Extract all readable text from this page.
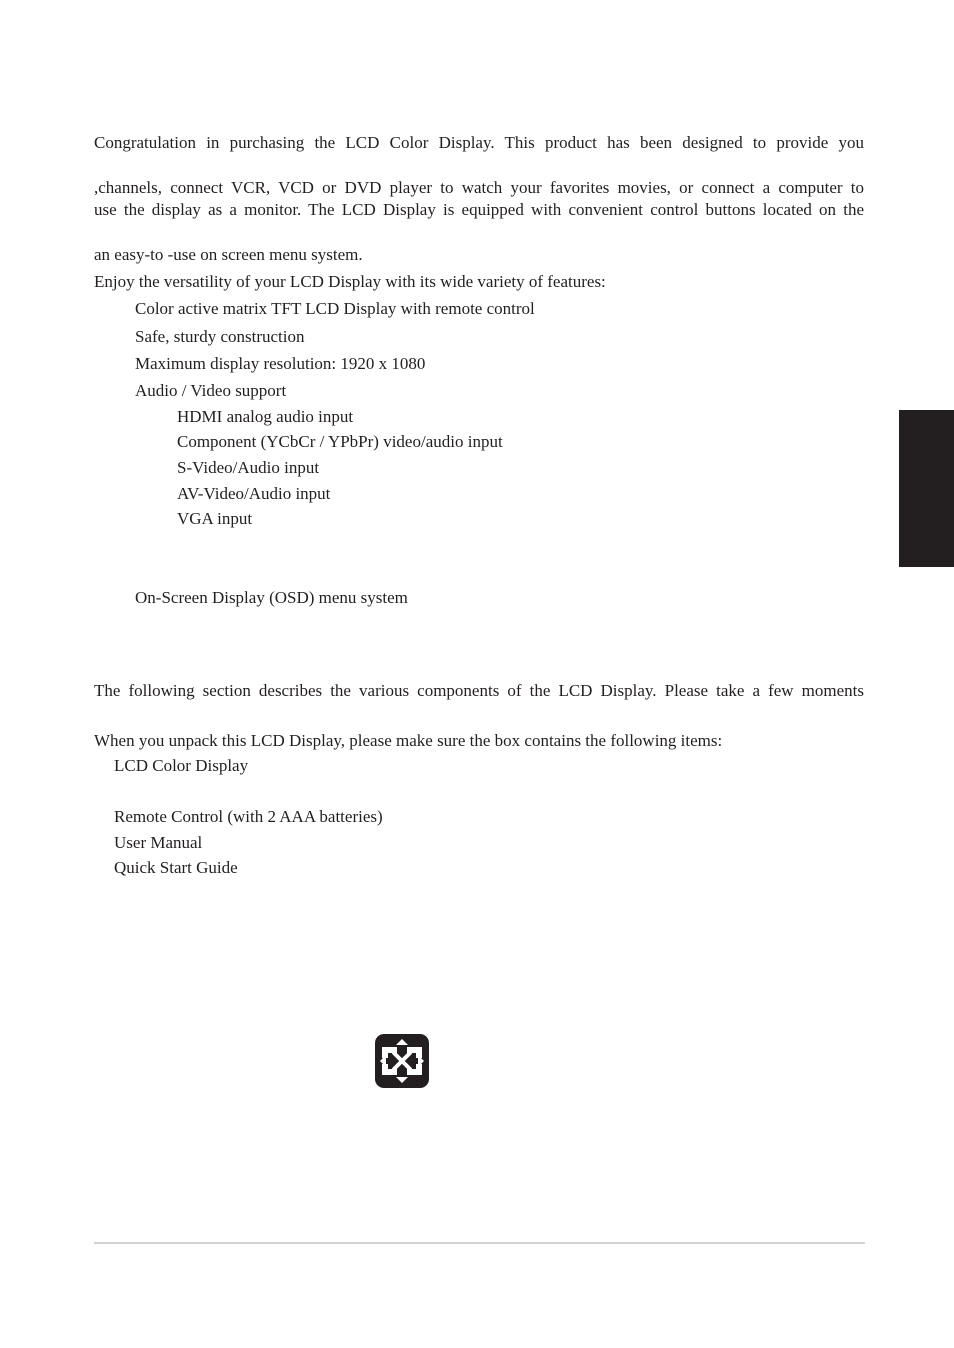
Congratulation in purchasing the LCD Color Display. This product has been designed to provide you
,channels, connect VCR, VCD or DVD player to watch your favorites movies, or connect a computer to
use the display as a monitor. The LCD Display is equipped with convenient control buttons located on the
an easy-to -use on screen menu system.
Enjoy the versatility of your LCD Display with its wide variety of features:
Color active matrix TFT LCD Display with remote control
Safe, sturdy construction
Maximum display resolution: 1920 x 1080
Audio / Video support
HDMI analog audio input
Component (YCbCr / YPbPr) video/audio input
S-Video/Audio input
AV-Video/Audio input
VGA input
On-Screen Display (OSD) menu system
The following section describes the various components of the LCD Display. Please take a few moments
When you unpack this LCD Display, please make sure the box contains the following items:
LCD Color Display
Remote Control (with 2 AAA batteries)
User Manual
Quick Start Guide
